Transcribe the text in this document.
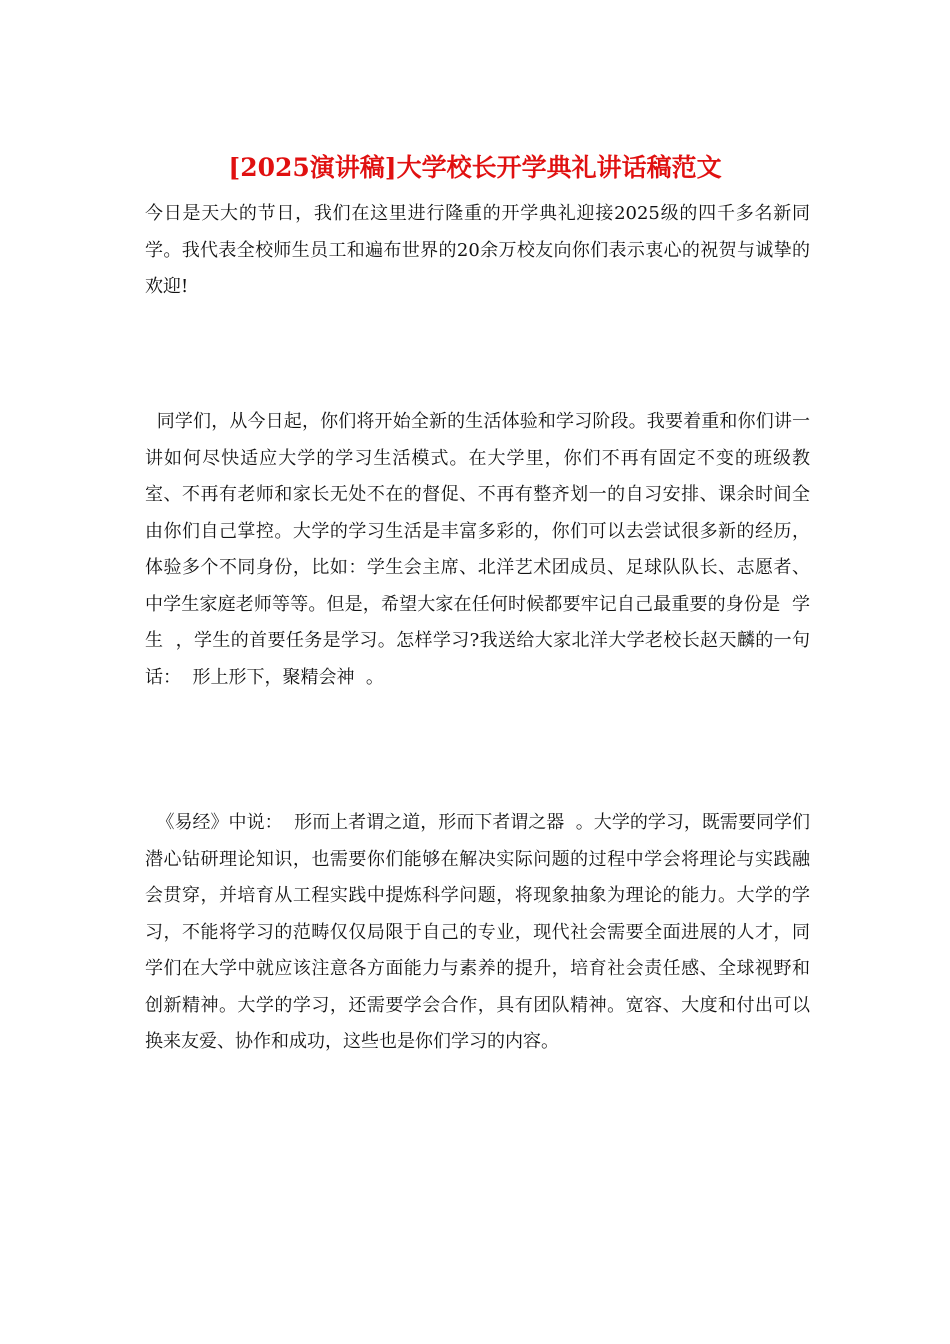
[2025演讲稿]大学校长开学典礼讲话稿范文

今日是天大的节日，我们在这里进行隆重的开学典礼迎接2025级的四千多名新同学。我代表全校师生员工和遍布世界的20余万校友向你们表示衷心的祝贺与诚挚的欢迎!

同学们，从今日起，你们将开始全新的生活体验和学习阶段。我要着重和你们讲一讲如何尽快适应大学的学习生活模式。在大学里，你们不再有固定不变的班级教室、不再有老师和家长无处不在的督促、不再有整齐划一的自习安排、课余时间全由你们自己掌控。大学的学习生活是丰富多彩的，你们可以去尝试很多新的经历，体验多个不同身份，比如：学生会主席、北洋艺术团成员、足球队队长、志愿者、中学生家庭老师等等。但是，希望大家在任何时候都要牢记自己最重要的身份是  学生  ，学生的首要任务是学习。怎样学习?我送给大家北洋大学老校长赵天麟的一句话：  形上形下，聚精会神  。

《易经》中说：  形而上者谓之道，形而下者谓之器  。大学的学习，既需要同学们潜心钻研理论知识，也需要你们能够在解决实际问题的过程中学会将理论与实践融会贯穿，并培育从工程实践中提炼科学问题，将现象抽象为理论的能力。大学的学习，不能将学习的范畴仅仅局限于自己的专业，现代社会需要全面进展的人才，同学们在大学中就应该注意各方面能力与素养的提升，培育社会责任感、全球视野和创新精神。大学的学习，还需要学会合作，具有团队精神。宽容、大度和付出可以换来友爱、协作和成功，这些也是你们学习的内容。
